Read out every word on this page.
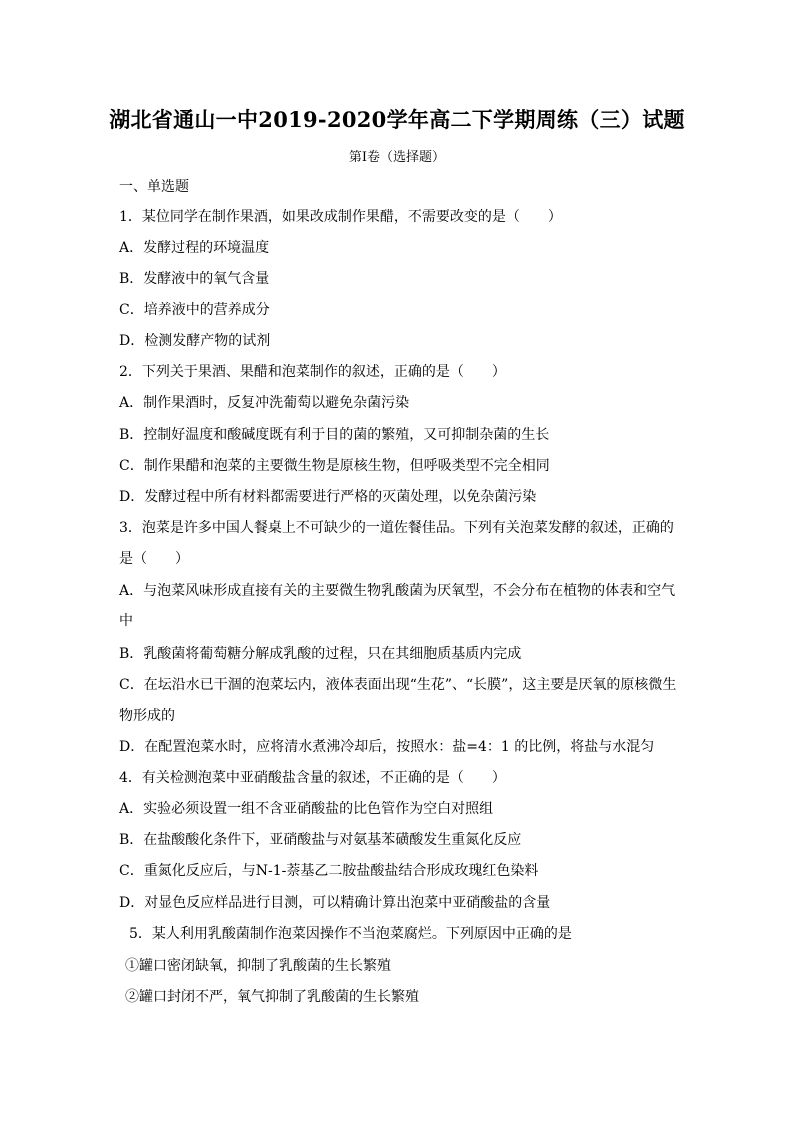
湖北省通山一中2019-2020学年高二下学期周练（三）试题
第I卷（选择题）
一、单选题
1．某位同学在制作果酒，如果改成制作果醋，不需要改变的是（　　）
A．发酵过程的环境温度
B．发酵液中的氧气含量
C．培养液中的营养成分
D．检测发酵产物的试剂
2．下列关于果酒、果醋和泡菜制作的叙述，正确的是（　　）
A．制作果酒时，反复冲洗葡萄以避免杂菌污染
B．控制好温度和酸碱度既有利于目的菌的繁殖，又可抑制杂菌的生长
C．制作果醋和泡菜的主要微生物是原核生物，但呼吸类型不完全相同
D．发酵过程中所有材料都需要进行严格的灭菌处理，以免杂菌污染
3．泡菜是许多中国人餐桌上不可缺少的一道佐餐佳品。下列有关泡菜发酵的叙述，正确的
是（　　）
A．与泡菜风味形成直接有关的主要微生物乳酸菌为厌氧型，不会分布在植物的体表和空气
中
B．乳酸菌将葡萄糖分解成乳酸的过程，只在其细胞质基质内完成
C．在坛沿水已干涸的泡菜坛内，液体表面出现“生花”、“长膜”，这主要是厌氧的原核微生
物形成的
D．在配置泡菜水时，应将清水煮沸冷却后，按照水：盐=4：1 的比例，将盐与水混匀
4．有关检测泡菜中亚硝酸盐含量的叙述，不正确的是（　　）
A．实验必须设置一组不含亚硝酸盐的比色管作为空白对照组
B．在盐酸酸化条件下，亚硝酸盐与对氨基苯磺酸发生重氮化反应
C．重氮化反应后，与N-1-萘基乙二胺盐酸盐结合形成玫瑰红色染料
D．对显色反应样品进行目测，可以精确计算出泡菜中亚硝酸盐的含量
5．某人利用乳酸菌制作泡菜因操作不当泡菜腐烂。下列原因中正确的是
①罐口密闭缺氧，抑制了乳酸菌的生长繁殖
②罐口封闭不严，氧气抑制了乳酸菌的生长繁殖
